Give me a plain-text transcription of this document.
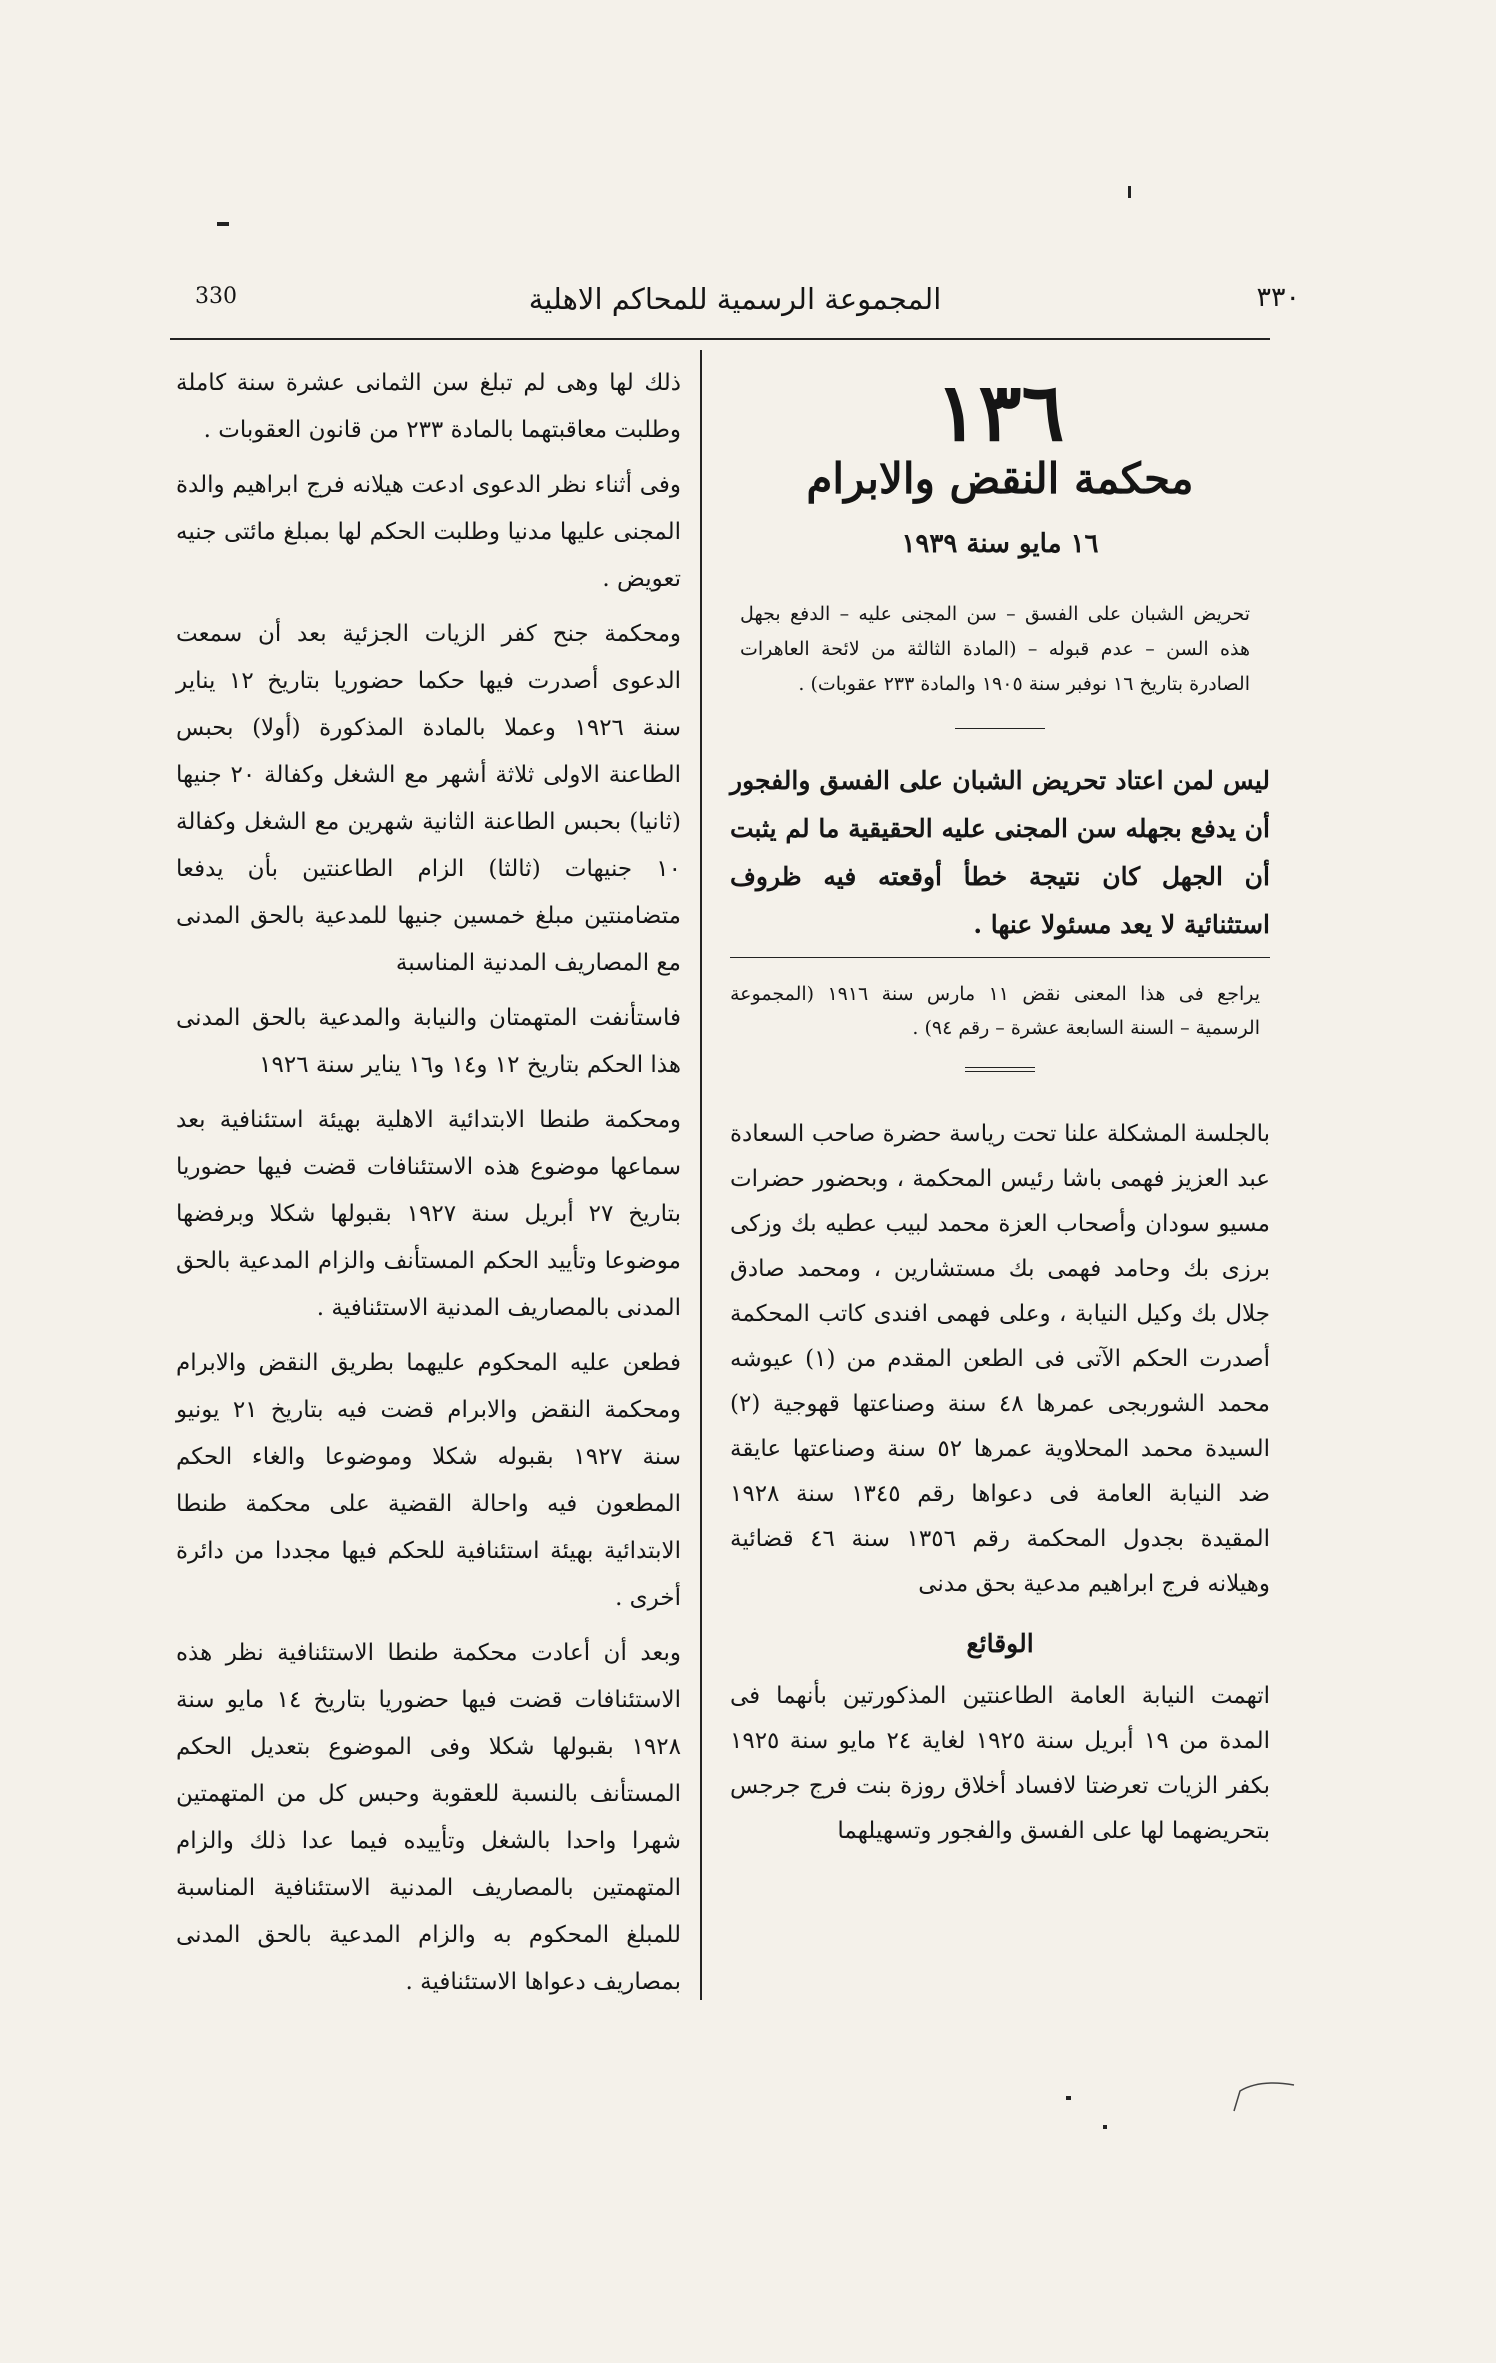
330	المجموعة الرسمية للمحاكم الاهلية	٣٣٠
١٣٦
محكمة النقض والابرام
١٦ مايو سنة ١٩٣٩

تحريض الشبان على الفسق – سن المجنى عليه – الدفع بجهل هذه السن – عدم قبوله – (المادة الثالثة من لائحة العاهرات الصادرة بتاريخ ١٦ نوفبر سنة ١٩٠٥ والمادة ٢٣٣ عقوبات) .

ليس لمن اعتاد تحريض الشبان على الفسق والفجور أن يدفع بجهله سن المجنى عليه الحقيقية ما لم يثبت أن الجهل كان نتيجة خطأ أوقعته فيه ظروف استثنائية لا يعد مسئولا عنها .

يراجع فى هذا المعنى نقض ١١ مارس سنة ١٩١٦ (المجموعة الرسمية – السنة السابعة عشرة – رقم ٩٤) .

بالجلسة المشكلة علنا تحت رياسة حضرة صاحب السعادة عبد العزيز فهمى باشا رئيس المحكمة ، وبحضور حضرات مسيو سودان وأصحاب العزة محمد لبيب عطيه بك وزكى برزى بك وحامد فهمى بك مستشارين ، ومحمد صادق جلال بك وكيل النيابة ، وعلى فهمى افندى كاتب المحكمة أصدرت الحكم الآتى فى الطعن المقدم من (١) عيوشه محمد الشوربجى عمرها ٤٨ سنة وصناعتها قهوجية (٢) السيدة محمد المحلاوية عمرها ٥٢ سنة وصناعتها عايقة ضد النيابة العامة فى دعواها رقم ١٣٤٥ سنة ١٩٢٨ المقيدة بجدول المحكمة رقم ١٣٥٦ سنة ٤٦ قضائية وهيلانه فرج ابراهيم مدعية بحق مدنى

الوقائع

اتهمت النيابة العامة الطاعنتين المذكورتين بأنهما فى المدة من ١٩ أبريل سنة ١٩٢٥ لغاية ٢٤ مايو سنة ١٩٢٥ بكفر الزيات تعرضتا لافساد أخلاق روزة بنت فرج جرجس بتحريضهما لها على الفسق والفجور وتسهيلهما

ذلك لها وهى لم تبلغ سن الثمانى عشرة سنة كاملة وطلبت معاقبتهما بالمادة ٢٣٣ من قانون العقوبات .

وفى أثناء نظر الدعوى ادعت هيلانه فرج ابراهيم والدة المجنى عليها مدنيا وطلبت الحكم لها بمبلغ مائتى جنيه تعويض .

ومحكمة جنح كفر الزيات الجزئية بعد أن سمعت الدعوى أصدرت فيها حكما حضوريا بتاريخ ١٢ يناير سنة ١٩٢٦ وعملا بالمادة المذكورة (أولا) بحبس الطاعنة الاولى ثلاثة أشهر مع الشغل وكفالة ٢٠ جنيها (ثانيا) بحبس الطاعنة الثانية شهرين مع الشغل وكفالة ١٠ جنيهات (ثالثا) الزام الطاعنتين بأن يدفعا متضامنتين مبلغ خمسين جنيها للمدعية بالحق المدنى مع المصاريف المدنية المناسبة

فاستأنفت المتهمتان والنيابة والمدعية بالحق المدنى هذا الحكم بتاريخ ١٢ و١٤ و١٦ يناير سنة ١٩٢٦

ومحكمة طنطا الابتدائية الاهلية بهيئة استئنافية بعد سماعها موضوع هذه الاستئنافات قضت فيها حضوريا بتاريخ ٢٧ أبريل سنة ١٩٢٧ بقبولها شكلا وبرفضها موضوعا وتأييد الحكم المستأنف والزام المدعية بالحق المدنى بالمصاريف المدنية الاستئنافية .

فطعن عليه المحكوم عليهما بطريق النقض والابرام ومحكمة النقض والابرام قضت فيه بتاريخ ٢١ يونيو سنة ١٩٢٧ بقبوله شكلا وموضوعا والغاء الحكم المطعون فيه واحالة القضية على محكمة طنطا الابتدائية بهيئة استئنافية للحكم فيها مجددا من دائرة أخرى .

وبعد أن أعادت محكمة طنطا الاستئنافية نظر هذه الاستئنافات قضت فيها حضوريا بتاريخ ١٤ مايو سنة ١٩٢٨ بقبولها شكلا وفى الموضوع بتعديل الحكم المستأنف بالنسبة للعقوبة وحبس كل من المتهمتين شهرا واحدا بالشغل وتأييده فيما عدا ذلك والزام المتهمتين بالمصاريف المدنية الاستئنافية المناسبة للمبلغ المحكوم به والزام المدعية بالحق المدنى بمصاريف دعواها الاستئنافية .
